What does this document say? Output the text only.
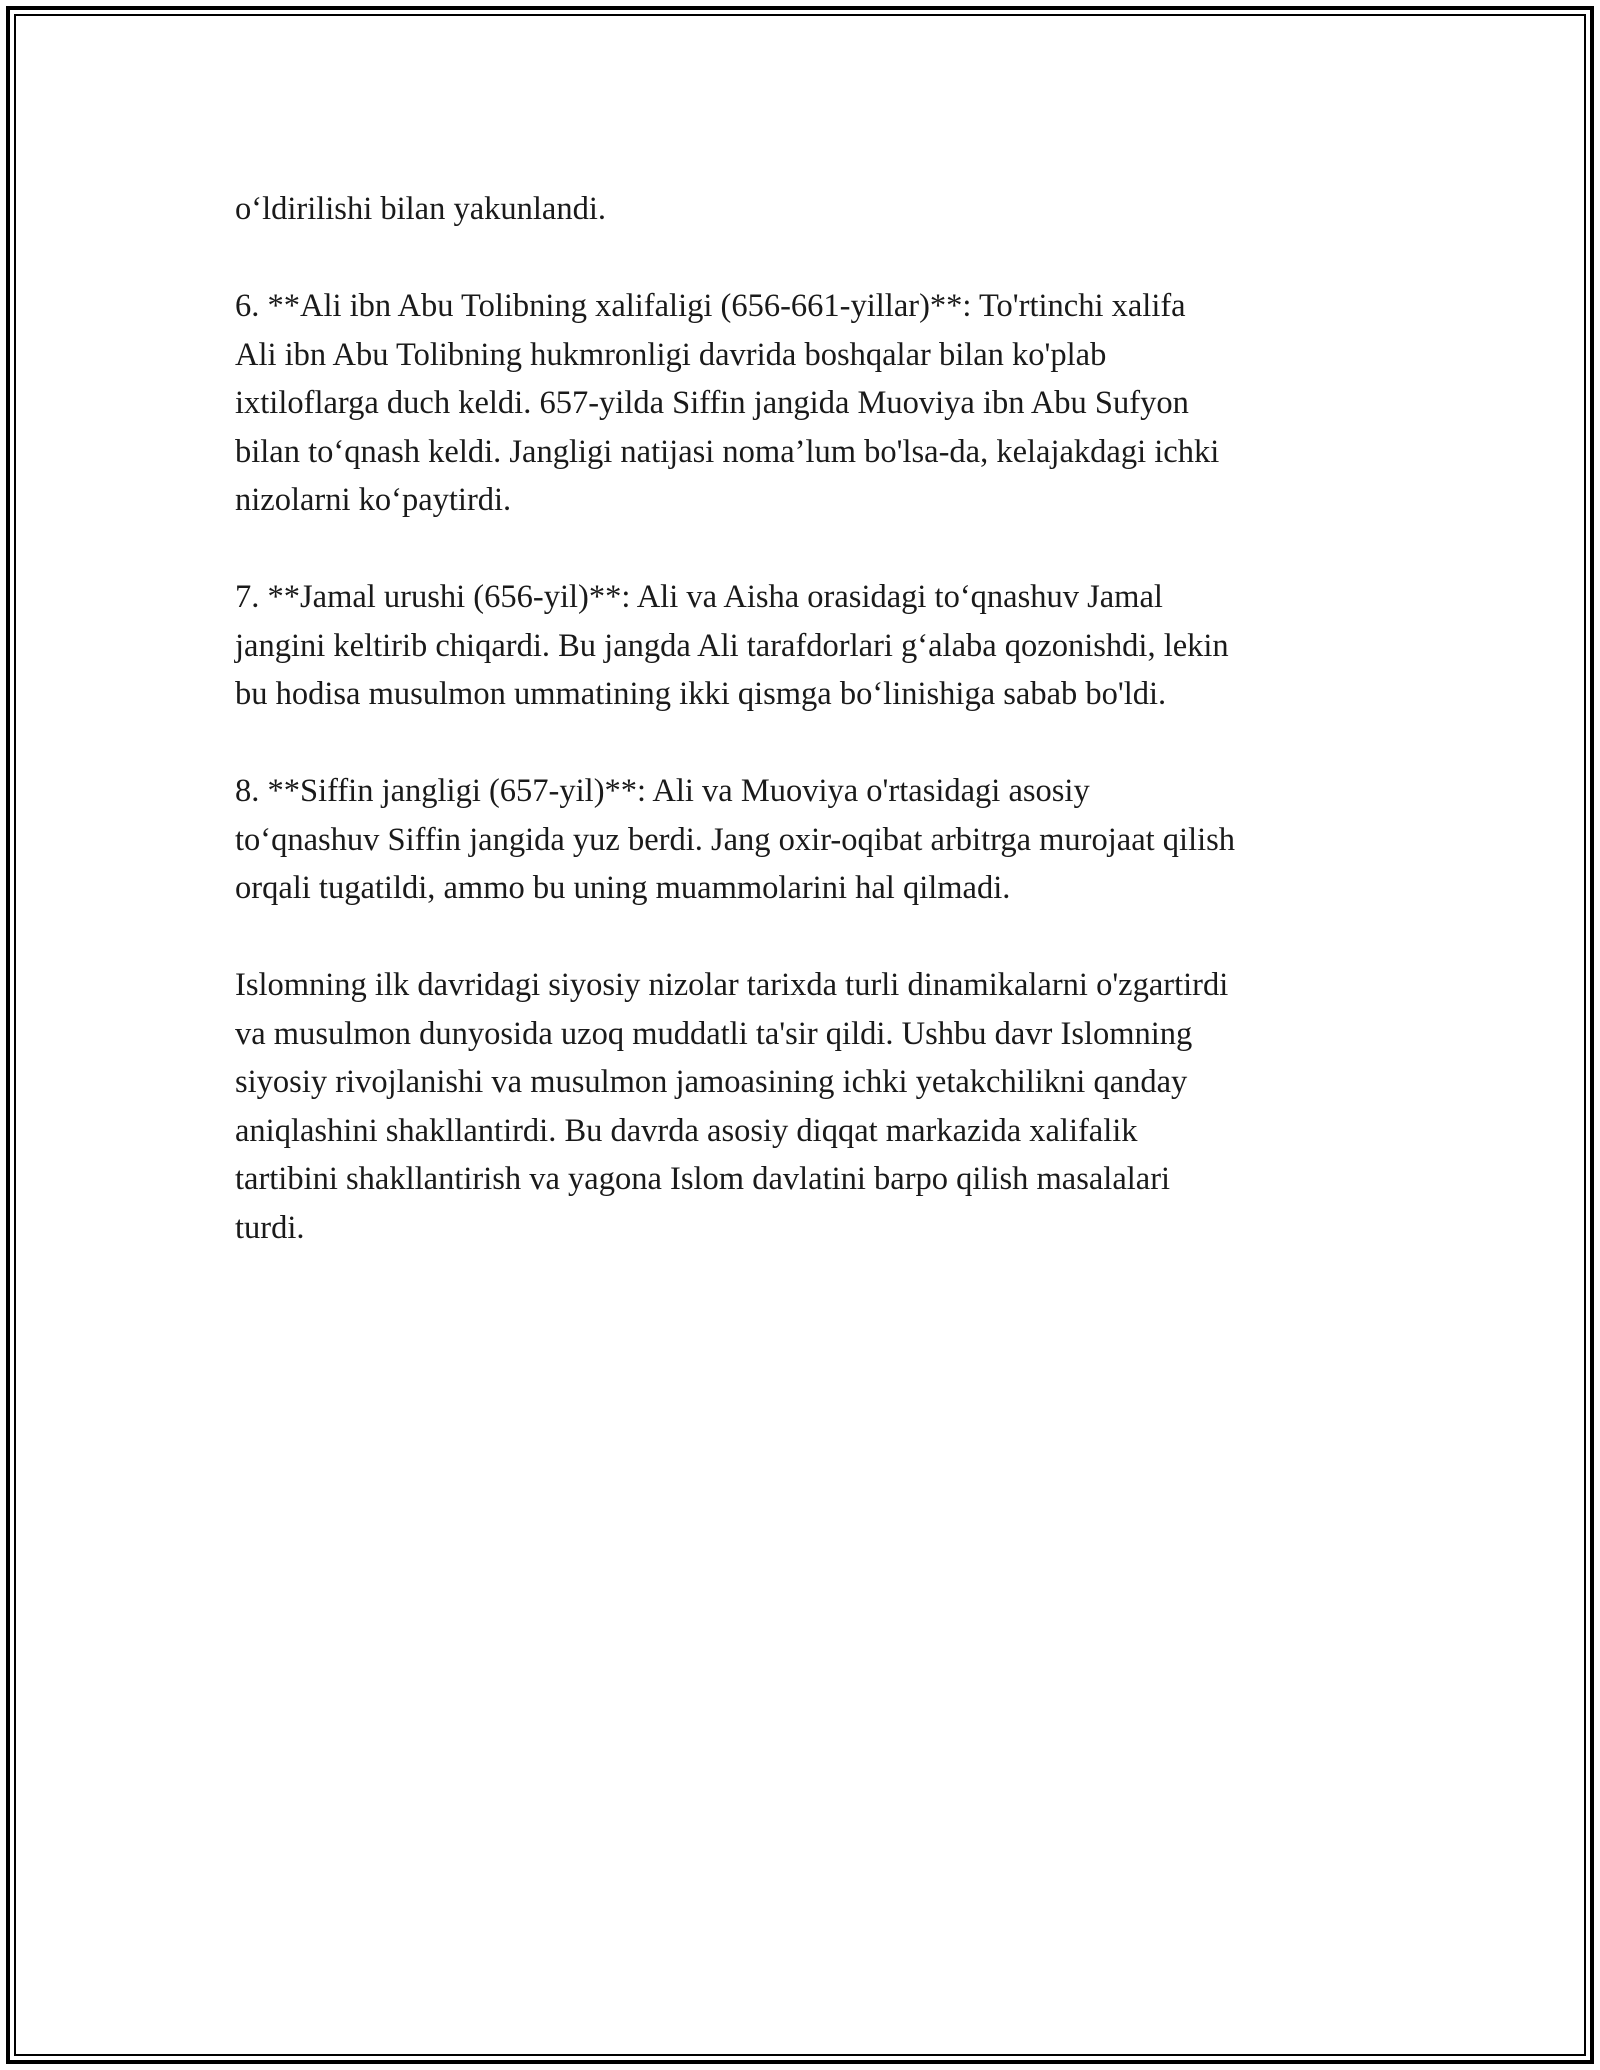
o‘ldirilishi bilan yakunlandi.

6. **Ali ibn Abu Tolibning xalifaligi (656-661-yillar)**: To'rtinchi xalifa
Ali ibn Abu Tolibning hukmronligi davrida boshqalar bilan ko'plab
ixtiloflarga duch keldi. 657-yilda Siffin jangida Muoviya ibn Abu Sufyon
bilan to‘qnash keldi. Jangligi natijasi noma’lum bo'lsa-da, kelajakdagi ichki
nizolarni ko‘paytirdi.

7. **Jamal urushi (656-yil)**: Ali va Aisha orasidagi to‘qnashuv Jamal
jangini keltirib chiqardi. Bu jangda Ali tarafdorlari g‘alaba qozonishdi, lekin
bu hodisa musulmon ummatining ikki qismga bo‘linishiga sabab bo'ldi.

8. **Siffin jangligi (657-yil)**: Ali va Muoviya o'rtasidagi asosiy
to‘qnashuv Siffin jangida yuz berdi. Jang oxir-oqibat arbitrga murojaat qilish
orqali tugatildi, ammo bu uning muammolarini hal qilmadi.

Islomning ilk davridagi siyosiy nizolar tarixda turli dinamikalarni o'zgartirdi
va musulmon dunyosida uzoq muddatli ta'sir qildi. Ushbu davr Islomning
siyosiy rivojlanishi va musulmon jamoasining ichki yetakchilikni qanday
aniqlashini shakllantirdi. Bu davrda asosiy diqqat markazida xalifalik
tartibini shakllantirish va yagona Islom davlatini barpo qilish masalalari
turdi.
